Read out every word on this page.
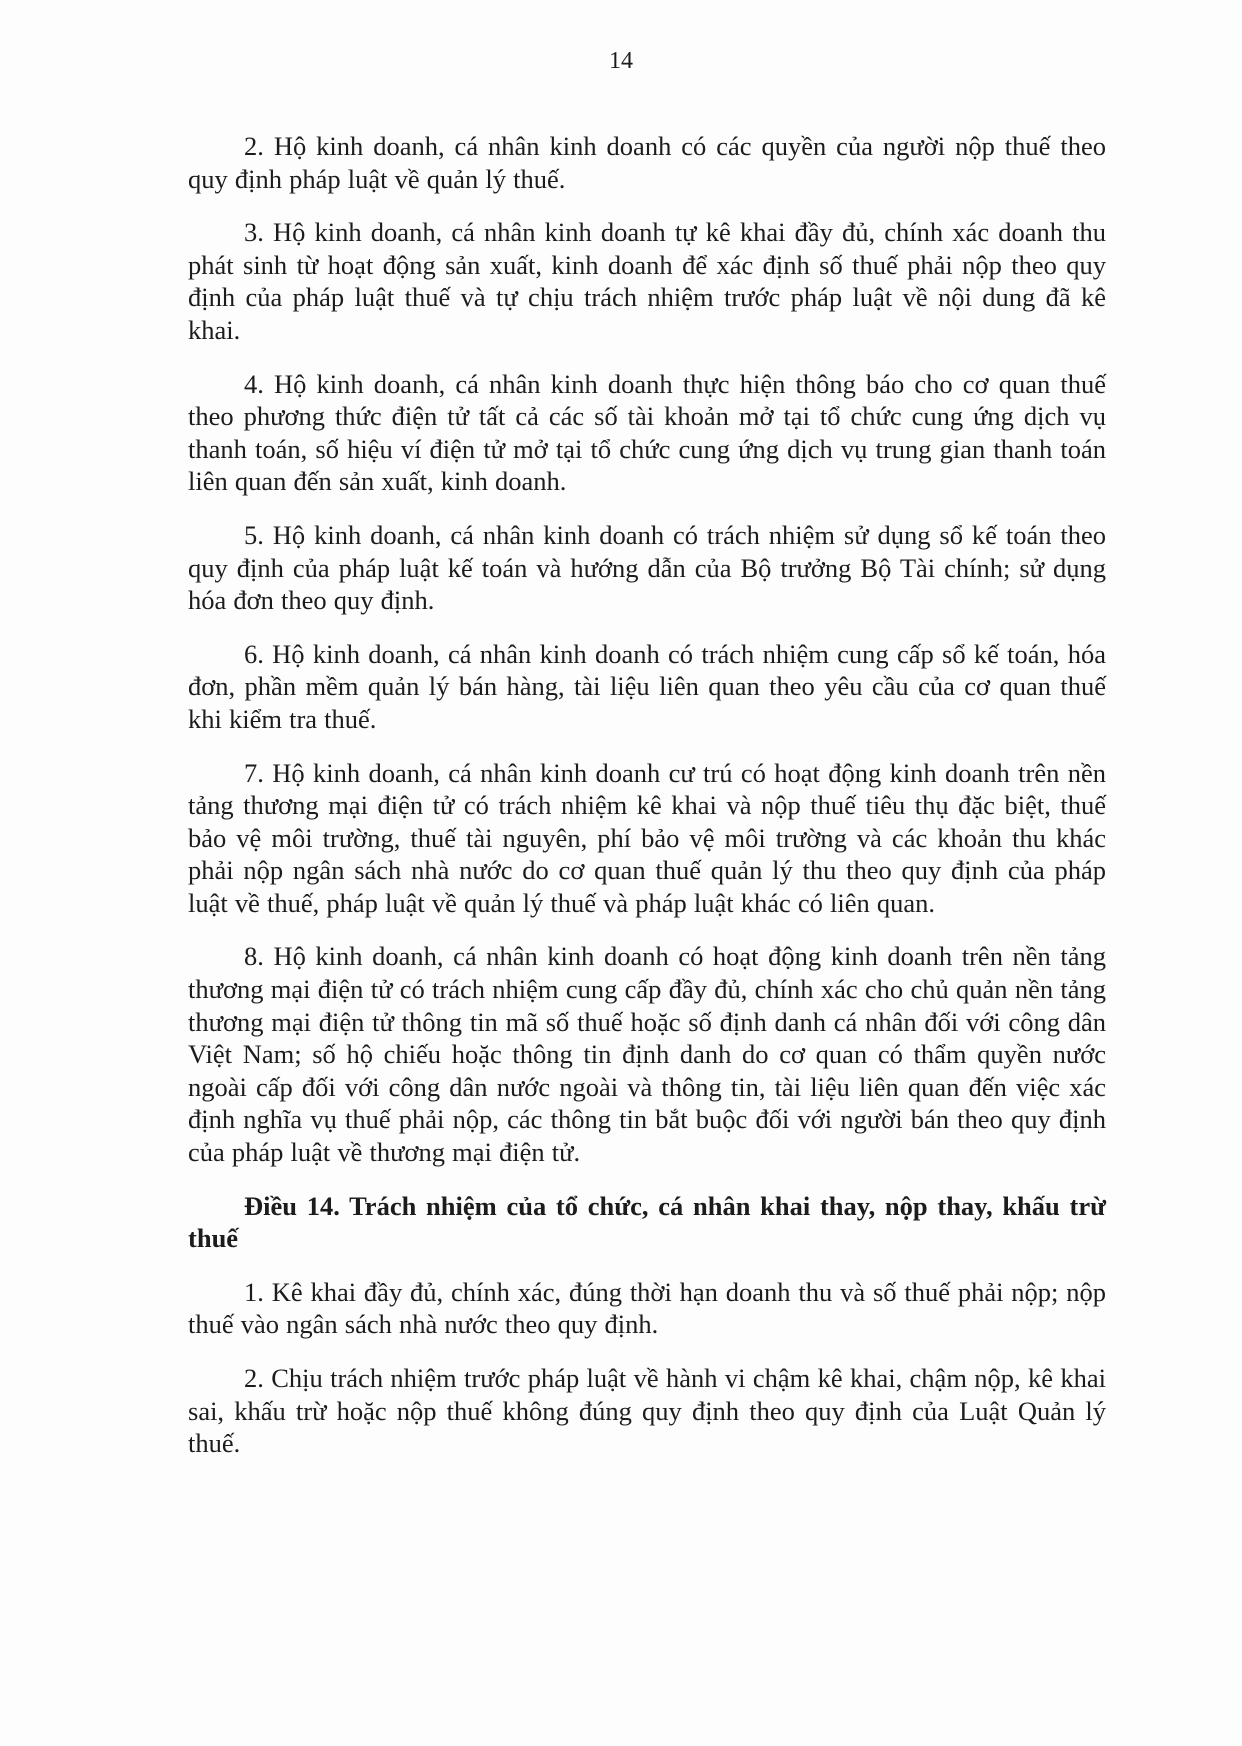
14

2. Hộ kinh doanh, cá nhân kinh doanh có các quyền của người nộp thuế theo quy định pháp luật về quản lý thuế.

3. Hộ kinh doanh, cá nhân kinh doanh tự kê khai đầy đủ, chính xác doanh thu phát sinh từ hoạt động sản xuất, kinh doanh để xác định số thuế phải nộp theo quy định của pháp luật thuế và tự chịu trách nhiệm trước pháp luật về nội dung đã kê khai.

4. Hộ kinh doanh, cá nhân kinh doanh thực hiện thông báo cho cơ quan thuế theo phương thức điện tử tất cả các số tài khoản mở tại tổ chức cung ứng dịch vụ thanh toán, số hiệu ví điện tử mở tại tổ chức cung ứng dịch vụ trung gian thanh toán liên quan đến sản xuất, kinh doanh.

5. Hộ kinh doanh, cá nhân kinh doanh có trách nhiệm sử dụng sổ kế toán theo quy định của pháp luật kế toán và hướng dẫn của Bộ trưởng Bộ Tài chính; sử dụng hóa đơn theo quy định.

6. Hộ kinh doanh, cá nhân kinh doanh có trách nhiệm cung cấp sổ kế toán, hóa đơn, phần mềm quản lý bán hàng, tài liệu liên quan theo yêu cầu của cơ quan thuế khi kiểm tra thuế.

7. Hộ kinh doanh, cá nhân kinh doanh cư trú có hoạt động kinh doanh trên nền tảng thương mại điện tử có trách nhiệm kê khai và nộp thuế tiêu thụ đặc biệt, thuế bảo vệ môi trường, thuế tài nguyên, phí bảo vệ môi trường và các khoản thu khác phải nộp ngân sách nhà nước do cơ quan thuế quản lý thu theo quy định của pháp luật về thuế, pháp luật về quản lý thuế và pháp luật khác có liên quan.

8. Hộ kinh doanh, cá nhân kinh doanh có hoạt động kinh doanh trên nền tảng thương mại điện tử có trách nhiệm cung cấp đầy đủ, chính xác cho chủ quản nền tảng thương mại điện tử thông tin mã số thuế hoặc số định danh cá nhân đối với công dân Việt Nam; số hộ chiếu hoặc thông tin định danh do cơ quan có thẩm quyền nước ngoài cấp đối với công dân nước ngoài và thông tin, tài liệu liên quan đến việc xác định nghĩa vụ thuế phải nộp, các thông tin bắt buộc đối với người bán theo quy định của pháp luật về thương mại điện tử.

Điều 14. Trách nhiệm của tổ chức, cá nhân khai thay, nộp thay, khấu trừ thuế

1. Kê khai đầy đủ, chính xác, đúng thời hạn doanh thu và số thuế phải nộp; nộp thuế vào ngân sách nhà nước theo quy định.

2. Chịu trách nhiệm trước pháp luật về hành vi chậm kê khai, chậm nộp, kê khai sai, khấu trừ hoặc nộp thuế không đúng quy định theo quy định của Luật Quản lý thuế.
